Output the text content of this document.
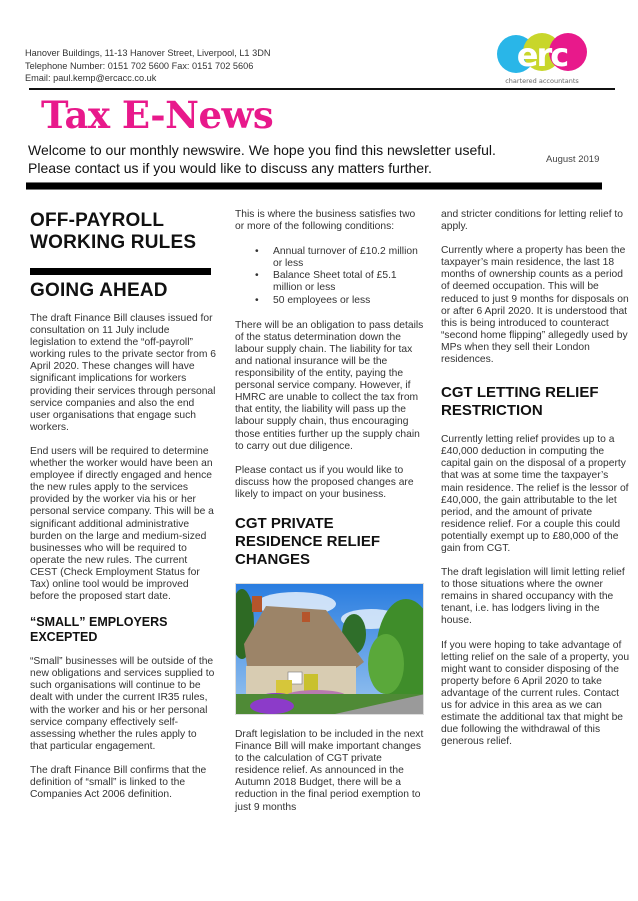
Hanover Buildings, 11-13 Hanover Street, Liverpool, L1 3DN
Telephone Number: 0151 702 5600 Fax: 0151 702 5606
Email: paul.kemp@ercacc.co.uk
erc
chartered accountants
Tax E-News
Welcome to our monthly newswire. We hope you find this newsletter useful.
Please contact us if you would like to discuss any matters further.
August 2019
OFF-PAYROLL
WORKING RULES
GOING AHEAD

The draft Finance Bill clauses issued for consultation on 11 July include legislation to extend the “off-payroll” working rules to the private sector from 6 April 2020. These changes will have significant implications for workers providing their services through personal service companies and also the end user organisations that engage such workers.

End users will be required to determine whether the worker would have been an employee if directly engaged and hence the new rules apply to the services provided by the worker via his or her personal service company. This will be a significant additional administrative burden on the large and medium-sized businesses who will be required to operate the new rules. The current CEST (Check Employment Status for Tax) online tool would be improved before the proposed start date.

“SMALL” EMPLOYERS EXCEPTED

“Small” businesses will be outside of the new obligations and services supplied to such organisations will continue to be dealt with under the current IR35 rules, with the worker and his or her personal service company effectively self-assessing whether the rules apply to that particular engagement.

The draft Finance Bill confirms that the definition of “small” is linked to the Companies Act 2006 definition.

This is where the business satisfies two or more of the following conditions:

• Annual turnover of £10.2 million or less
• Balance Sheet total of £5.1 million or less
• 50 employees or less

There will be an obligation to pass details of the status determination down the labour supply chain. The liability for tax and national insurance will be the responsibility of the entity, paying the personal service company. However, if HMRC are unable to collect the tax from that entity, the liability will pass up the labour supply chain, thus encouraging those entities further up the supply chain to carry out due diligence.

Please contact us if you would like to discuss how the proposed changes are likely to impact on your business.

CGT PRIVATE RESIDENCE RELIEF CHANGES

Draft legislation to be included in the next Finance Bill will make important changes to the calculation of CGT private residence relief. As announced in the Autumn 2018 Budget, there will be a reduction in the final period exemption to just 9 months

and stricter conditions for letting relief to apply.

Currently where a property has been the taxpayer’s main residence, the last 18 months of ownership counts as a period of deemed occupation. This will be reduced to just 9 months for disposals on or after 6 April 2020. It is understood that this is being introduced to counteract “second home flipping” allegedly used by MPs when they sell their London residences.

CGT LETTING RELIEF RESTRICTION

Currently letting relief provides up to a £40,000 deduction in computing the capital gain on the disposal of a property that was at some time the taxpayer’s main residence. The relief is the lessor of £40,000, the gain attributable to the let period, and the amount of private residence relief. For a couple this could potentially exempt up to £80,000 of the gain from CGT.

The draft legislation will limit letting relief to those situations where the owner remains in shared occupancy with the tenant, i.e. has lodgers living in the house.

If you were hoping to take advantage of letting relief on the sale of a property, you might want to consider disposing of the property before 6 April 2020 to take advantage of the current rules. Contact us for advice in this area as we can estimate the additional tax that might be due following the withdrawal of this generous relief.
